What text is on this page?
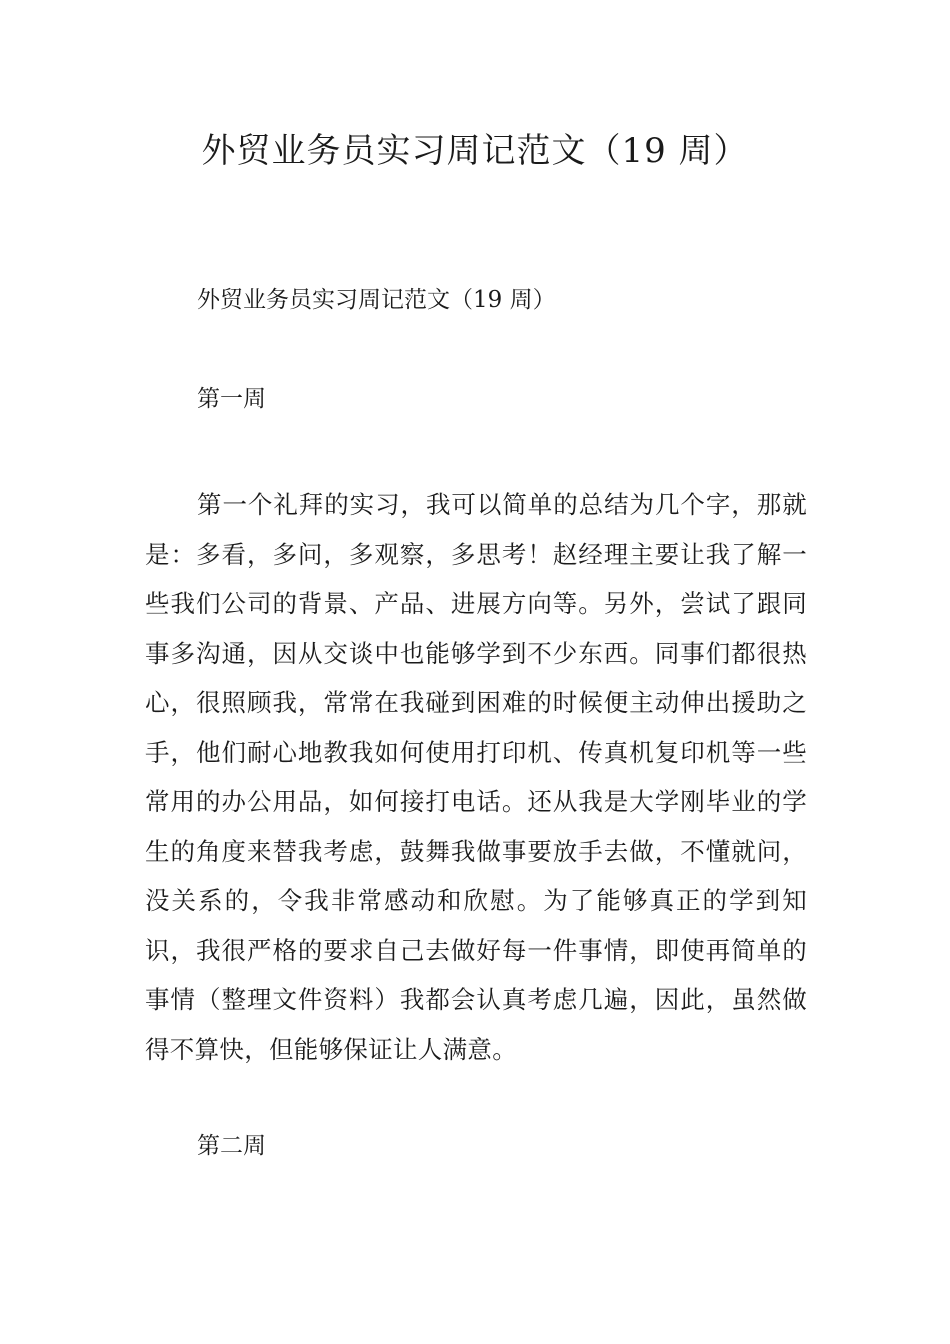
外贸业务员实习周记范文（19 周）

外贸业务员实习周记范文（19 周）

第一周

第一个礼拜的实习，我可以简单的总结为几个字，那就是：多看，多问，多观察，多思考！赵经理主要让我了解一些我们公司的背景、产品、进展方向等。另外，尝试了跟同事多沟通，因从交谈中也能够学到不少东西。同事们都很热心，很照顾我，常常在我碰到困难的时候便主动伸出援助之手，他们耐心地教我如何使用打印机、传真机复印机等一些常用的办公用品，如何接打电话。还从我是大学刚毕业的学生的角度来替我考虑，鼓舞我做事要放手去做，不懂就问，没关系的，令我非常感动和欣慰。为了能够真正的学到知识，我很严格的要求自己去做好每一件事情，即使再简单的事情（整理文件资料）我都会认真考虑几遍，因此，虽然做得不算快，但能够保证让人满意。

第二周
